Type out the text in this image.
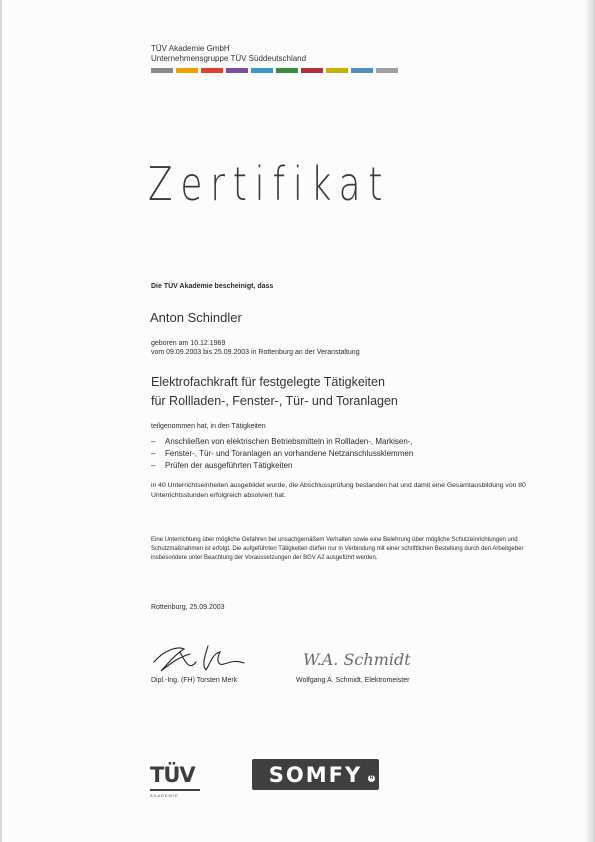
TÜV Akademie GmbH
Unternehmensgruppe TÜV Süddeutschland
Zertifikat
Die TÜV Akademie bescheinigt, dass
Anton Schindler
geboren am 10.12.1969
vom 09.09.2003 bis 25.09.2003 in Rottenburg an der Veranstaltung
Elektrofachkraft für festgelegte Tätigkeiten
für Rollladen-, Fenster-, Tür- und Toranlagen
teilgenommen hat, in den Tätigkeiten
– Anschließen von elektrischen Betriebsmitteln in Rollladen-, Markisen-,
– Fenster-, Tür- und Toranlagen an vorhandene Netzanschlussklemmen
– Prüfen der ausgeführten Tätigkeiten
in 40 Unterrichtseinheiten ausgebildet wurde, die Abschlussprüfung bestanden hat und damit eine Gesamtausbildung von 80 Unterrichtsstunden erfolgreich absolviert hat.
Eine Unterrichtung über mögliche Gefahren bei unsachgemäßem Verhalten sowie eine Belehrung über mögliche Schutzeinrichtungen und Schutzmaßnahmen ist erfolgt. Die aufgeführten Tätigkeiten dürfen nur in Verbindung mit einer schriftlichen Bestellung durch den Arbeitgeber insbesondere unter Beachtung der Voraussetzungen der BGV A2 ausgeführt werden.
Rottenburg, 25.09.2003
W.A. Schmidt
Dipl.-Ing. (FH) Torsten Merk	Wolfgang A. Schmidt, Elektromeister
TÜV
AKADEMIE
SOMFY	R
